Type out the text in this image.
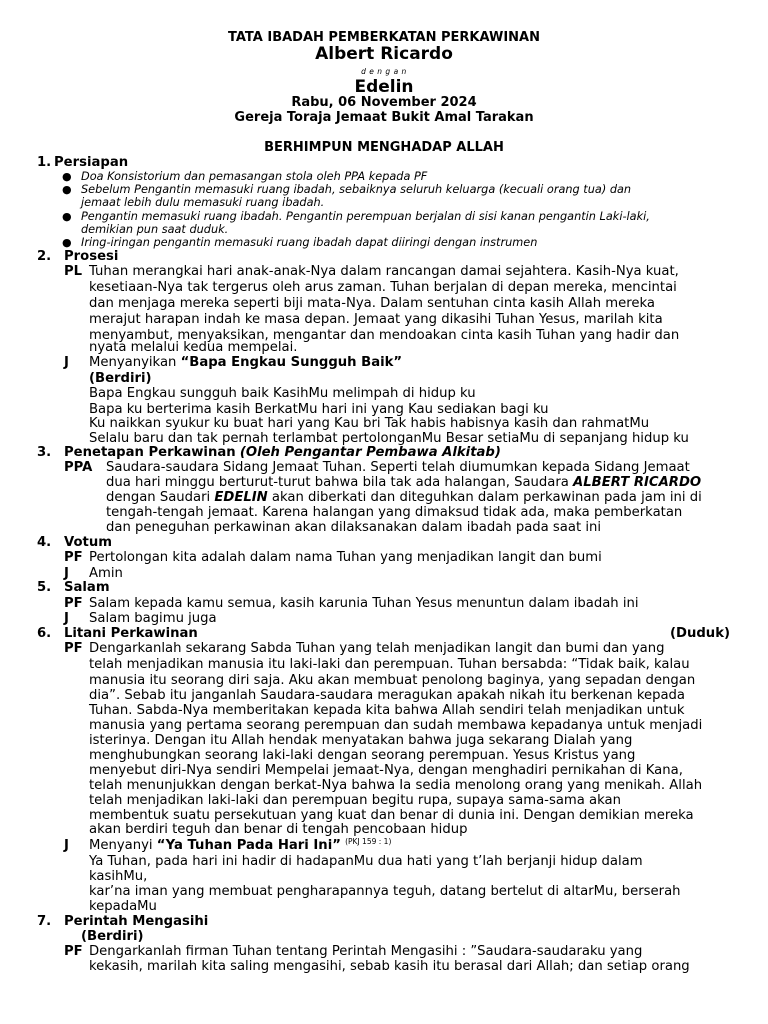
TATA IBADAH PEMBERKATAN PERKAWINAN
Albert Ricardo
d e n g a n
Edelin
Rabu, 06 November 2024
Gereja Toraja Jemaat Bukit Amal Tarakan
BERHIMPUN MENGHADAP ALLAH
1. Persiapan
● Doa Konsistorium dan pemasangan stola oleh PPA kepada PF
● Sebelum Pengantin memasuki ruang ibadah, sebaiknya seluruh keluarga (kecuali orang tua) dan
jemaat lebih dulu memasuki ruang ibadah.
● Pengantin memasuki ruang ibadah. Pengantin perempuan berjalan di sisi kanan pengantin Laki-laki,
demikian pun saat duduk.
● Iring-iringan pengantin memasuki ruang ibadah dapat diiringi dengan instrumen
2. Prosesi
PL Tuhan merangkai hari anak-anak-Nya dalam rancangan damai sejahtera. Kasih-Nya kuat,
kesetiaan-Nya tak tergerus oleh arus zaman. Tuhan berjalan di depan mereka, mencintai
dan menjaga mereka seperti biji mata-Nya. Dalam sentuhan cinta kasih Allah mereka
merajut harapan indah ke masa depan. Jemaat yang dikasihi Tuhan Yesus, marilah kita
menyambut, menyaksikan, mengantar dan mendoakan cinta kasih Tuhan yang hadir dan
nyata melalui kedua mempelai.
J Menyanyikan “Bapa Engkau Sungguh Baik”
(Berdiri)
Bapa Engkau sungguh baik KasihMu melimpah di hidup ku
Bapa ku berterima kasih BerkatMu hari ini yang Kau sediakan bagi ku
Ku naikkan syukur ku buat hari yang Kau bri Tak habis habisnya kasih dan rahmatMu
Selalu baru dan tak pernah terlambat pertolonganMu Besar setiaMu di sepanjang hidup ku
3. Penetapan Perkawinan (Oleh Pengantar Pembawa Alkitab)
PPA Saudara-saudara Sidang Jemaat Tuhan. Seperti telah diumumkan kepada Sidang Jemaat
dua hari minggu berturut-turut bahwa bila tak ada halangan, Saudara ALBERT RICARDO
dengan Saudari EDELIN akan diberkati dan diteguhkan dalam perkawinan pada jam ini di
tengah-tengah jemaat. Karena halangan yang dimaksud tidak ada, maka pemberkatan
dan peneguhan perkawinan akan dilaksanakan dalam ibadah pada saat ini
4. Votum
PF Pertolongan kita adalah dalam nama Tuhan yang menjadikan langit dan bumi
J Amin
5. Salam
PF Salam kepada kamu semua, kasih karunia Tuhan Yesus menuntun dalam ibadah ini
J Salam bagimu juga
6. Litani Perkawinan	(Duduk)
PF Dengarkanlah sekarang Sabda Tuhan yang telah menjadikan langit dan bumi dan yang
telah menjadikan manusia itu laki-laki dan perempuan. Tuhan bersabda: “Tidak baik, kalau
manusia itu seorang diri saja. Aku akan membuat penolong baginya, yang sepadan dengan
dia”. Sebab itu janganlah Saudara-saudara meragukan apakah nikah itu berkenan kepada
Tuhan. Sabda-Nya memberitakan kepada kita bahwa Allah sendiri telah menjadikan untuk
manusia yang pertama seorang perempuan dan sudah membawa kepadanya untuk menjadi
isterinya. Dengan itu Allah hendak menyatakan bahwa juga sekarang Dialah yang
menghubungkan seorang laki-laki dengan seorang perempuan. Yesus Kristus yang
menyebut diri-Nya sendiri Mempelai jemaat-Nya, dengan menghadiri pernikahan di Kana,
telah menunjukkan dengan berkat-Nya bahwa Ia sedia menolong orang yang menikah. Allah
telah menjadikan laki-laki dan perempuan begitu rupa, supaya sama-sama akan
membentuk suatu persekutuan yang kuat dan benar di dunia ini. Dengan demikian mereka
akan berdiri teguh dan benar di tengah pencobaan hidup
J Menyanyi “Ya Tuhan Pada Hari Ini” $^{(PKJ 159 : 1)}$
Ya Tuhan, pada hari ini hadir di hadapanMu dua hati yang t’lah berjanji hidup dalam
kasihMu,
kar’na iman yang membuat pengharapannya teguh, datang bertelut di altarMu, berserah
kepadaMu
7. Perintah Mengasihi
(Berdiri)
PF Dengarkanlah firman Tuhan tentang Perintah Mengasihi : ”Saudara-saudaraku yang
kekasih, marilah kita saling mengasihi, sebab kasih itu berasal dari Allah; dan setiap orang
